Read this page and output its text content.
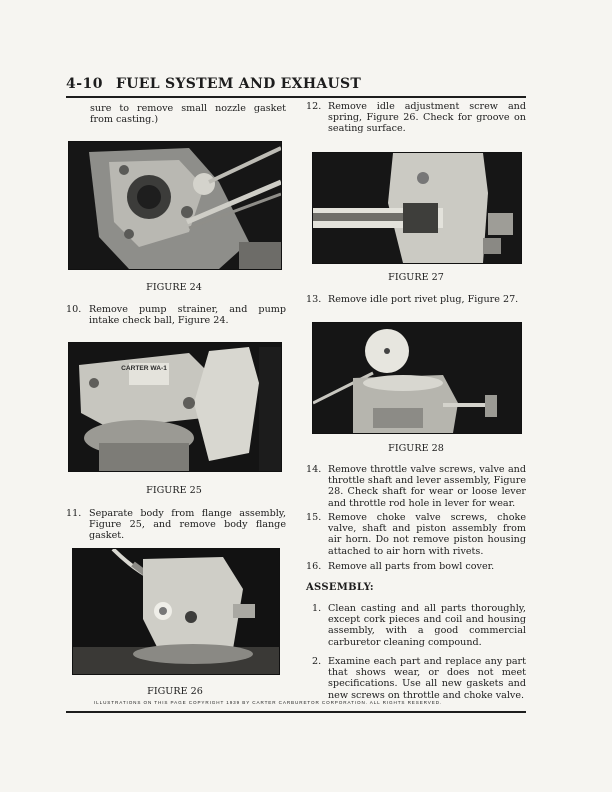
4-10 FUEL SYSTEM AND EXHAUST
sure to remove small nozzle gasket from casting.)
FIGURE 24
10. Remove pump strainer, and pump intake check ball, Figure 24.
CARTER WA-1
FIGURE 25
11. Separate body from flange assembly, Figure 25, and remove body flange gasket.
FIGURE 26
12. Remove idle adjustment screw and spring, Figure 26. Check for groove on seating surface.
FIGURE 27
13. Remove idle port rivet plug, Figure 27.
FIGURE 28
14. Remove throttle valve screws, valve and throttle shaft and lever assembly, Figure 28. Check shaft for wear or loose lever and throttle rod hole in lever for wear.
15. Remove choke valve screws, choke valve, shaft and piston assembly from air horn. Do not remove piston housing attached to air horn with rivets.
16. Remove all parts from bowl cover.
ASSEMBLY:
1. Clean casting and all parts thoroughly, except cork pieces and coil and housing assembly, with a good commercial carburetor cleaning compound.
2. Examine each part and replace any part that shows wear, or does not meet specifications. Use all new gaskets and new screws on throttle and choke valve.
ILLUSTRATIONS ON THIS PAGE COPYRIGHT 1939 BY CARTER CARBURETOR CORPORATION. ALL RIGHTS RESERVED.
